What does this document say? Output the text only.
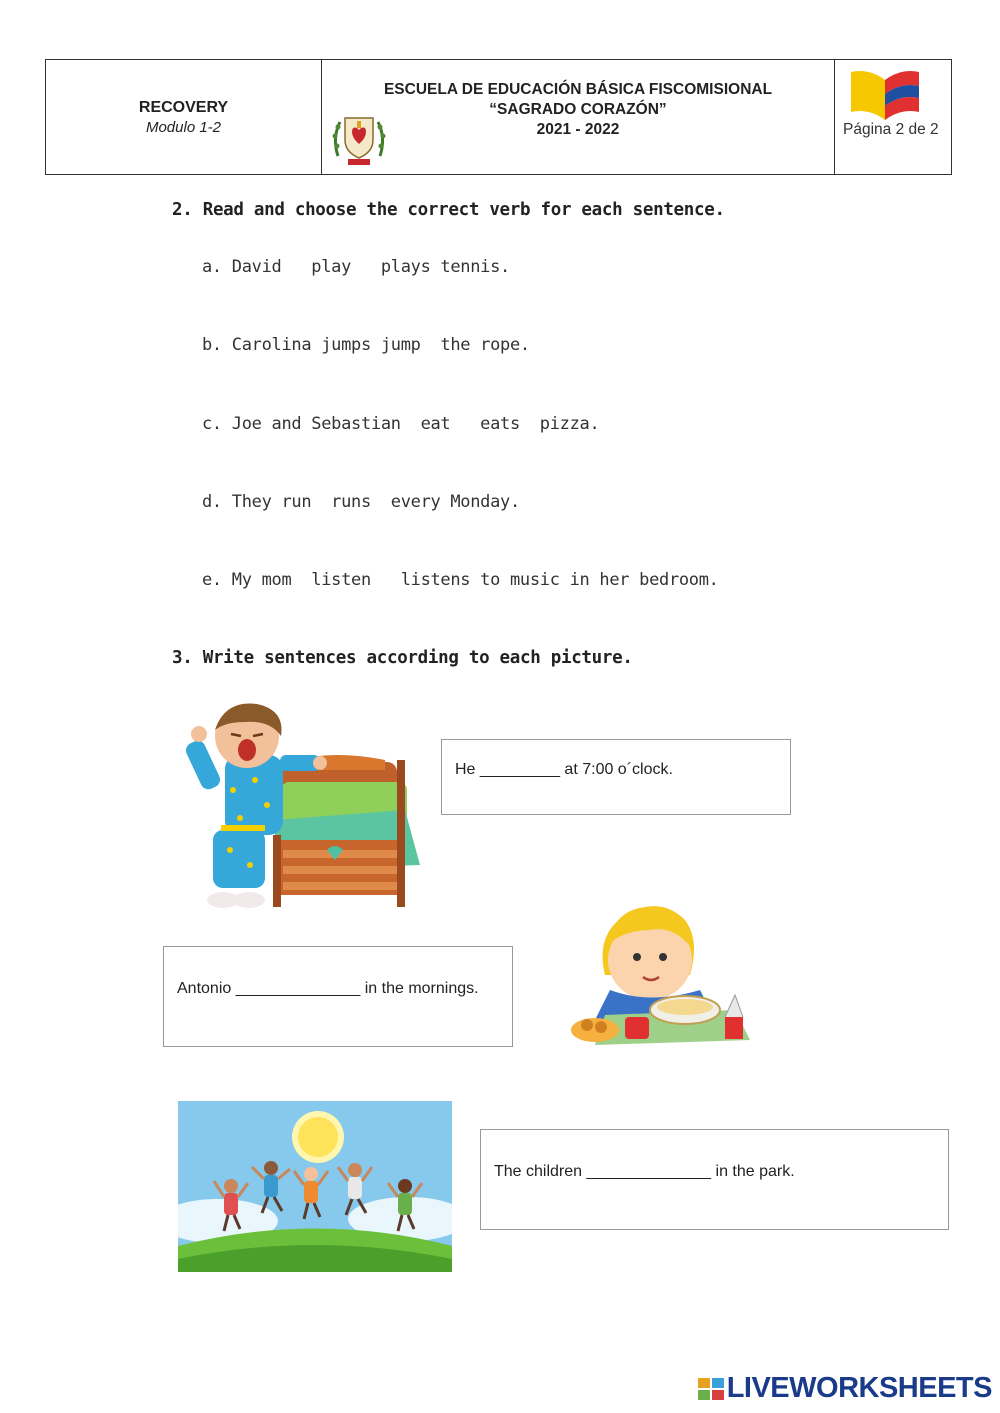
RECOVERY
Modulo 1-2
ESCUELA DE EDUCACIÓN BÁSICA FISCOMISIONAL
“SAGRADO CORAZÓN”
2021 - 2022	Página 2 de 2
2. Read and choose the correct verb for each sentence.
a. David   play   plays tennis.
b. Carolina jumps jump  the rope.
c. Joe and Sebastian  eat   eats  pizza.
d. They run  runs  every Monday.
e. My mom  listen   listens to music in her bedroom.
3. Write sentences according to each picture.
He _________ at 7:00 o´clock.
Antonio ______________ in the mornings.
The children ______________ in the park.
LIVEWORKSHEETS
